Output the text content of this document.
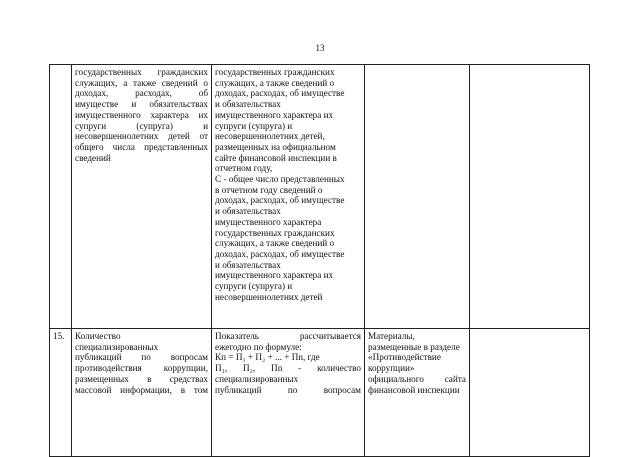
13
государственных гражданских
служащих, а также сведений о
доходах, расходах, об
имуществе и обязательствах
имущественного характера их
супруги (супруга) и
несовершеннолетних детей от
общего числа представленных
сведений
государственных гражданских
служащих, а также сведений о
доходах, расходах, об имуществе
и обязательствах
имущественного характера их
супруги (супруга) и
несовершеннолетних детей,
размещенных на официальном
сайте финансовой инспекции в
отчетном году,
С - общее число представленных
в отчетном году сведений о
доходах, расходах, об имуществе
и обязательствах
имущественного характера
государственных гражданских
служащих, а также сведений о
доходах, расходах, об имуществе
и обязательствах
имущественного характера их
супруги (супруга) и
несовершеннолетних детей
15.	Количество
специализированных
публикаций по вопросам
противодействия коррупции,
размещенных в средствах
массовой информации, в том
Показатель рассчитывается
ежегодно по формуле:
Кп = П₁ + П₂ + ... + Пn, где
П₁, П₂, Пn - количество
специализированных
публикаций по вопросам
Материалы,
размещенные в разделе
«Противодействие
коррупции»
официального сайта
финансовой инспекции
